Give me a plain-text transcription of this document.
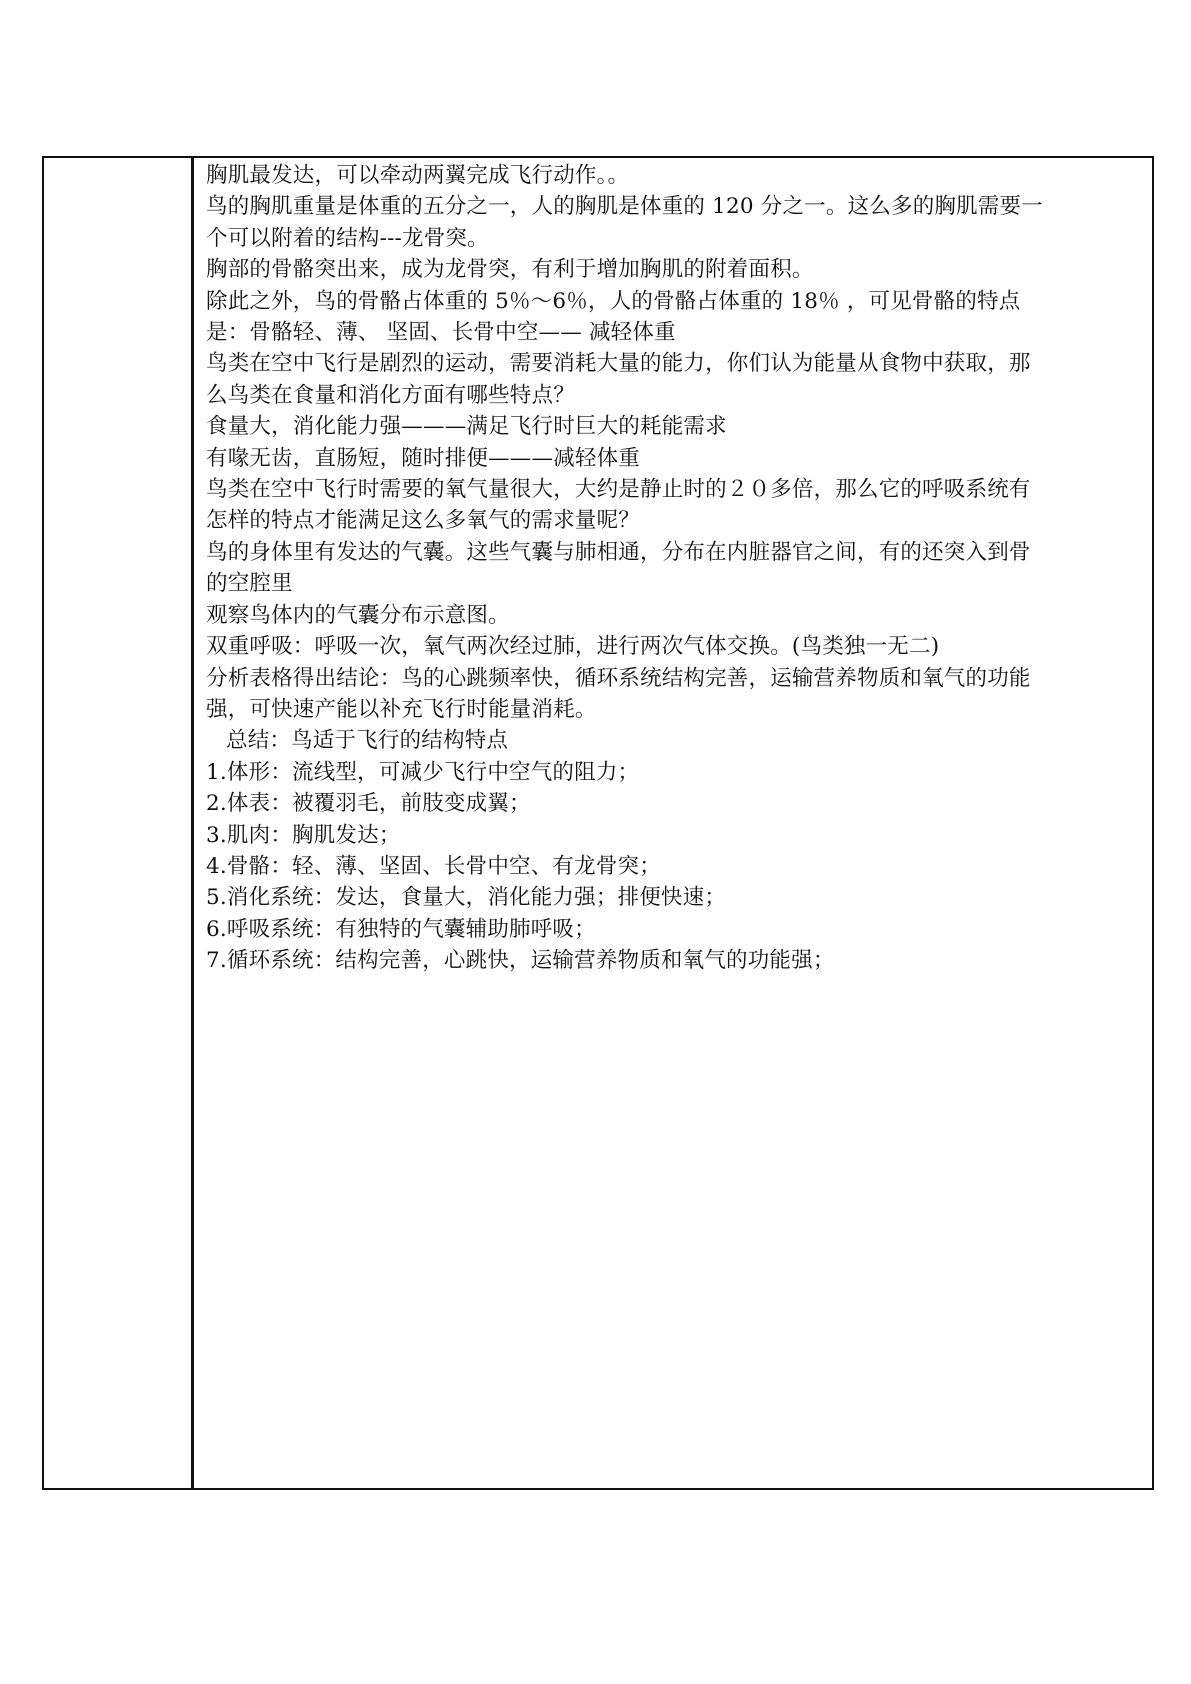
胸肌最发达，可以牵动两翼完成飞行动作。。

鸟的胸肌重量是体重的五分之一，人的胸肌是体重的 120 分之一。这么多的胸肌需要一

个可以附着的结构---龙骨突。

胸部的骨骼突出来，成为龙骨突，有利于增加胸肌的附着面积。

除此之外，鸟的骨骼占体重的 5％～6％，人的骨骼占体重的 18％ ，可见骨骼的特点

是：骨骼轻、薄、 坚固、长骨中空—— 减轻体重

鸟类在空中飞行是剧烈的运动，需要消耗大量的能力，你们认为能量从食物中获取，那

么鸟类在食量和消化方面有哪些特点？

食量大，消化能力强———满足飞行时巨大的耗能需求

有喙无齿，直肠短，随时排便———减轻体重

鸟类在空中飞行时需要的氧气量很大，大约是静止时的２０多倍，那么它的呼吸系统有

怎样的特点才能满足这么多氧气的需求量呢？

鸟的身体里有发达的气囊。这些气囊与肺相通，分布在内脏器官之间，有的还突入到骨

的空腔里

观察鸟体内的气囊分布示意图。

双重呼吸：呼吸一次，氧气两次经过肺，进行两次气体交换。(鸟类独一无二)

分析表格得出结论：鸟的心跳频率快，循环系统结构完善，运输营养物质和氧气的功能

强，可快速产能以补充飞行时能量消耗。

总结：鸟适于飞行的结构特点

1.体形：流线型，可减少飞行中空气的阻力；

2.体表：被覆羽毛，前肢变成翼；

3.肌肉：胸肌发达；

4.骨骼：轻、薄、坚固、长骨中空、有龙骨突；

5.消化系统：发达，食量大，消化能力强；排便快速；

6.呼吸系统：有独特的气囊辅助肺呼吸；

7.循环系统：结构完善，心跳快，运输营养物质和氧气的功能强；
